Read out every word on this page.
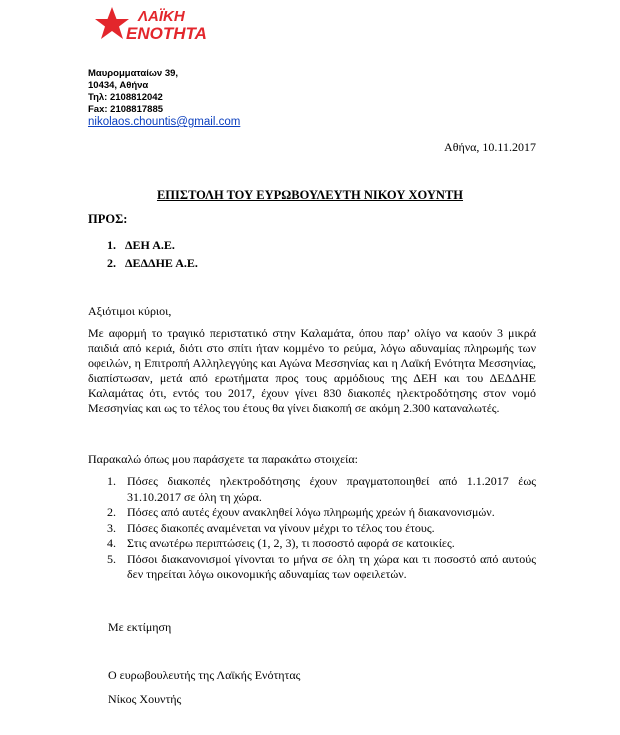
ΛΑΪΚΗ
ΕΝΟΤΗΤΑ
Μαυρομματαίων 39,
10434, Αθήνα
Τηλ: 2108812042
Fax: 2108817885
nikolaos.chountis@gmail.com
Αθήνα, 10.11.2017
ΕΠΙΣΤΟΛΗ ΤΟΥ ΕΥΡΩΒΟΥΛΕΥΤΗ ΝΙΚΟΥ ΧΟΥΝΤΗ
ΠΡΟΣ:
1. ΔΕΗ Α.Ε.
2. ΔΕΔΔΗΕ Α.Ε.
Αξιότιμοι κύριοι,
Με αφορμή το τραγικό περιστατικό στην Καλαμάτα, όπου παρ’ ολίγο να καούν 3 μικρά παιδιά από κεριά, διότι στο σπίτι ήταν κομμένο το ρεύμα, λόγω αδυναμίας πληρωμής των οφειλών, η Επιτροπή Αλληλεγγύης και Αγώνα Μεσσηνίας και η Λαϊκή Ενότητα Μεσσηνίας, διαπίστωσαν, μετά από ερωτήματα προς τους αρμόδιους της ΔΕΗ και του ΔΕΔΔΗΕ Καλαμάτας ότι, εντός του 2017, έχουν γίνει 830 διακοπές ηλεκτροδότησης στον νομό Μεσσηνίας και ως το τέλος του έτους θα γίνει διακοπή σε ακόμη 2.300 καταναλωτές.
Παρακαλώ όπως μου παράσχετε τα παρακάτω στοιχεία:
1. Πόσες διακοπές ηλεκτροδότησης έχουν πραγματοποιηθεί από 1.1.2017 έως 31.10.2017 σε όλη τη χώρα.
2. Πόσες από αυτές έχουν ανακληθεί λόγω πληρωμής χρεών ή διακανονισμών.
3. Πόσες διακοπές αναμένεται να γίνουν μέχρι το τέλος του έτους.
4. Στις ανωτέρω περιπτώσεις (1, 2, 3), τι ποσοστό αφορά σε κατοικίες.
5. Πόσοι διακανονισμοί γίνονται το μήνα σε όλη τη χώρα και τι ποσοστό από αυτούς δεν τηρείται λόγω οικονομικής αδυναμίας των οφειλετών.
Με εκτίμηση
Ο ευρωβουλευτής της Λαϊκής Ενότητας
Νίκος Χουντής
